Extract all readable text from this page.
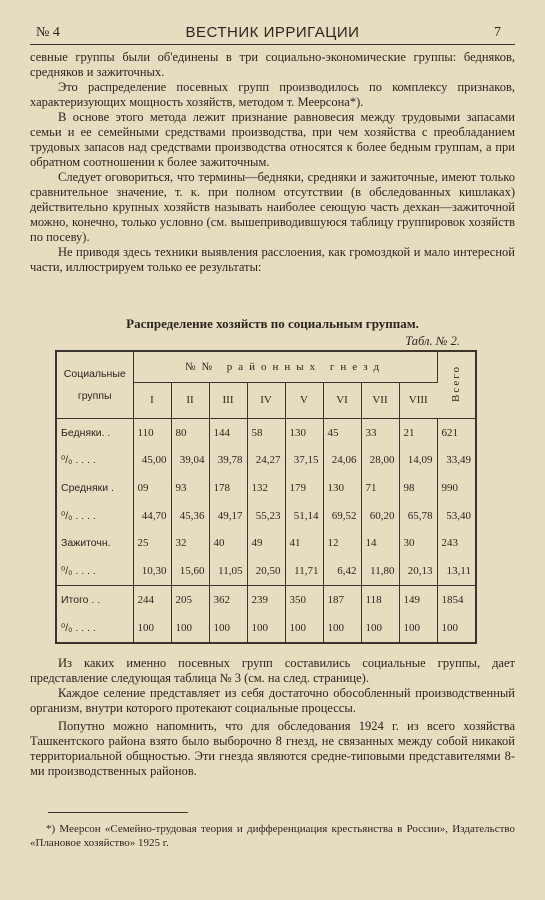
№ 4	ВЕСТНИК ИРРИГАЦИИ	7

севные группы были об'единены в три социально-экономические группы: бедняков, средняков и зажиточных.

Это распределение посевных групп производилось по комплексу признаков, характеризующих мощность хозяйств, методом т. Меерсона*).

В основе этого метода лежит признание равновесия между трудовыми запасами семьи и ее семейными средствами производства, при чем хозяйства с преобладанием трудовых запасов над средствами производства относятся к более бедным группам, а при обратном соотношении к более зажиточным.

Следует оговориться, что термины—бедняки, средняки и зажиточные, имеют только сравнительное значение, т. к. при полном отсутствии (в обследованных кишлаках) действительно крупных хозяйств называть наиболее сеющую часть дехкан—зажиточной можно, конечно, только условно (см. вышеприводившуюся таблицу группировок хозяйств по посеву).

Не приводя здесь техники выявления расслоения, как громоздкой и мало интересной части, иллюстрируем только ее результаты:

Распределение хозяйств по социальным группам.
Табл. № 2.
Социальные группы	№№ районных гнезд								Всего
	I	II	III	IV	V	VI	VII	VIII	
Бедняки. .	110	80	144	58	130	45	33	21	621
⁰/₀ . . . .	45,00	39,04	39,78	24,27	37,15	24,06	28,00	14,09	33,49
Средняки .	09	93	178	132	179	130	71	98	990
⁰/₀ . . . .	44,70	45,36	49,17	55,23	51,14	69,52	60,20	65,78	53,40
Зажиточн.	25	32	40	49	41	12	14	30	243
⁰/₀ . . . .	10,30	15,60	11,05	20,50	11,71	6,42	11,80	20,13	13,11
Итого . .	244	205	362	239	350	187	118	149	1854
⁰/₀ . . . .	100	100	100	100	100	100	100	100	100

Из каких именно посевных групп составились социальные группы, дает представление следующая таблица № 3 (см. на след. странице).

Каждое селение представляет из себя достаточно обособленный производственный организм, внутри которого протекают социальные процессы.

Попутно можно напомнить, что для обследования 1924 г. из всего хозяйства Ташкентского района взято было выборочно 8 гнезд, не связанных между собой никакой территориальной общностью. Эти гнезда являются средне-типовыми представителями 8-ми производственных районов.

*) Меерсон «Семейно-трудовая теория и дифференциация крестьянства в России», Издательство «Плановое хозяйство» 1925 г.
